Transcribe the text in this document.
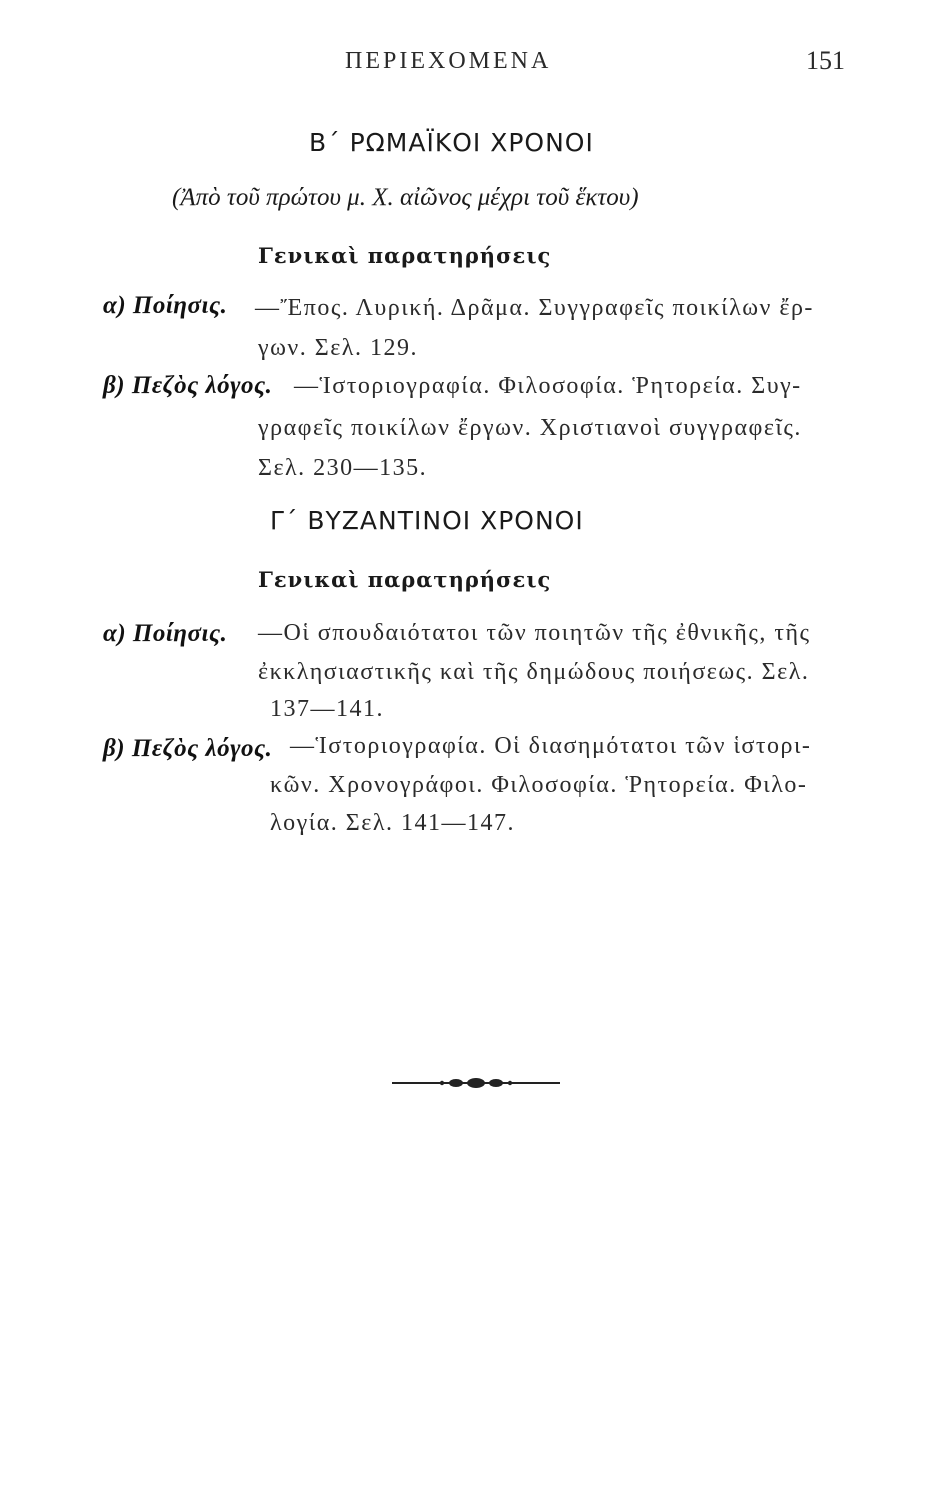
ΠΕΡΙΕΧΟΜΕΝΑ	151
Β΄ ΡΩΜΑΪΚΟΙ ΧΡΟΝΟΙ
(Ἀπὸ τοῦ πρώτου μ. Χ. αἰῶνος μέχρι τοῦ ἕκτου)
Γενικαὶ παρατηρήσεις
α) Ποίησις. —Ἔπος. Λυρική. Δρᾶμα. Συγγραφεῖς ποικίλων ἔρ-
γων. Σελ. 129.
β) Πεζὸς λόγος. —Ἱστοριογραφία. Φιλοσοφία. Ῥητορεία. Συγ-
γραφεῖς ποικίλων ἔργων. Χριστιανοὶ συγγραφεῖς.
Σελ. 230—135.
Γ΄ ΒΥΖΑΝΤΙΝΟΙ ΧΡΟΝΟΙ
Γενικαὶ παρατηρήσεις
α) Ποίησις. —Οἱ σπουδαιότατοι τῶν ποιητῶν τῆς ἐθνικῆς, τῆς
ἐκκλησιαστικῆς καὶ τῆς δημώδους ποιήσεως. Σελ.
137—141.
β) Πεζὸς λόγος. —Ἱστοριογραφία. Οἱ διασημότατοι τῶν ἱστορι-
κῶν. Χρονογράφοι. Φιλοσοφία. Ῥητορεία. Φιλο-
λογία. Σελ. 141—147.
